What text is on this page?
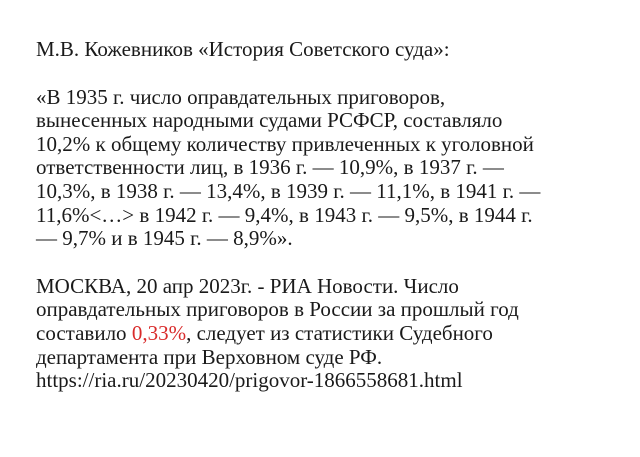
М.В. Кожевников «История Советского суда»:

«В 1935 г. число оправдательных приговоров,
вынесенных народными судами РСФСР, составляло
10,2% к общему количеству привлеченных к уголовной
ответственности лиц, в 1936 г. — 10,9%, в 1937 г. —
10,3%, в 1938 г. — 13,4%, в 1939 г. — 11,1%, в 1941 г. —
11,6%<…> в 1942 г. — 9,4%, в 1943 г. — 9,5%, в 1944 г.
— 9,7% и в 1945 г. — 8,9%».

МОСКВА, 20 апр 2023г. - РИА Новости. Число
оправдательных приговоров в России за прошлый год
составило 0,33%, следует из статистики Судебного
департамента при Верховном суде РФ.
https://ria.ru/20230420/prigovor-1866558681.html
